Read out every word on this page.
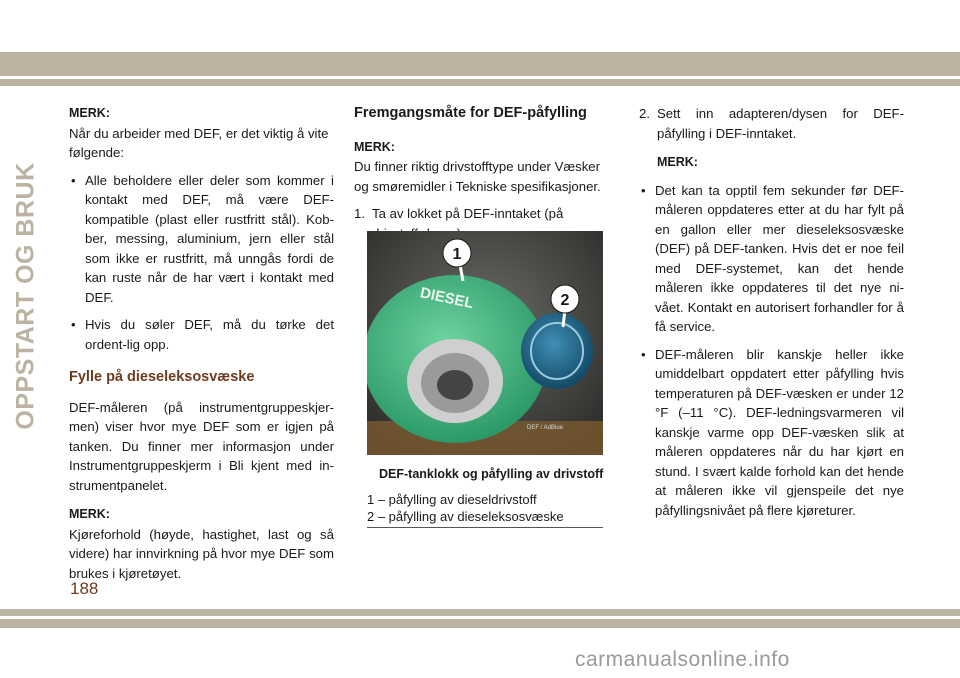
OPPSTART OG BRUK

MERK:

Når du arbeider med DEF, er det viktig å vite følgende:

• Alle beholdere eller deler som kommer i kontakt med DEF, må være DEF-kompatible (plast eller rustfritt stål). Kob-ber, messing, aluminium, jern eller stål som ikke er rustfritt, må unngås fordi de kan ruste når de har vært i kontakt med DEF.

• Hvis du søler DEF, må du tørke det ordent-lig opp.

Fylle på dieseleksosvæske

DEF-måleren (på instrumentgruppeskjer-men) viser hvor mye DEF som er igjen på tanken. Du finner mer informasjon under Instrumentgruppeskjerm i Bli kjent med in-strumentpanelet.

MERK:

Kjøreforhold (høyde, hastighet, last og så videre) har innvirkning på hvor mye DEF som brukes i kjøretøyet.

Fremgangsmåte for DEF-påfylling

MERK:

Du finner riktig drivstofftype under Væsker og smøremidler i Tekniske spesifikasjoner.

1. Ta av lokket på DEF-inntaket (på

DIESEL
DEF / AdBlue
1
2
DEF-tanklokk og påfylling av drivstoff
1 – påfylling av dieseldrivstoff
2 – påfylling av dieseleksosvæske

2. Sett inn adapteren/dysen for DEF-påfylling i DEF-inntaket.

MERK:

• Det kan ta opptil fem sekunder før DEF-måleren oppdateres etter at du har fylt på en gallon eller mer dieseleksosvæske (DEF) på DEF-tanken. Hvis det er noe feil med DEF-systemet, kan det hende måleren ikke oppdateres til det nye ni-vået. Kontakt en autorisert forhandler for å få service.

• DEF-måleren blir kanskje heller ikke umiddelbart oppdatert etter påfylling hvis temperaturen på DEF-væsken er under 12 °F (–11 °C). DEF-ledningsvarmeren vil kanskje varme opp DEF-væsken slik at måleren oppdateres når du har kjørt en stund. I svært kalde forhold kan det hende at måleren ikke vil gjenspeile det nye påfyllingsnivået på flere kjøreturer.

188
carmanualsonline.info
